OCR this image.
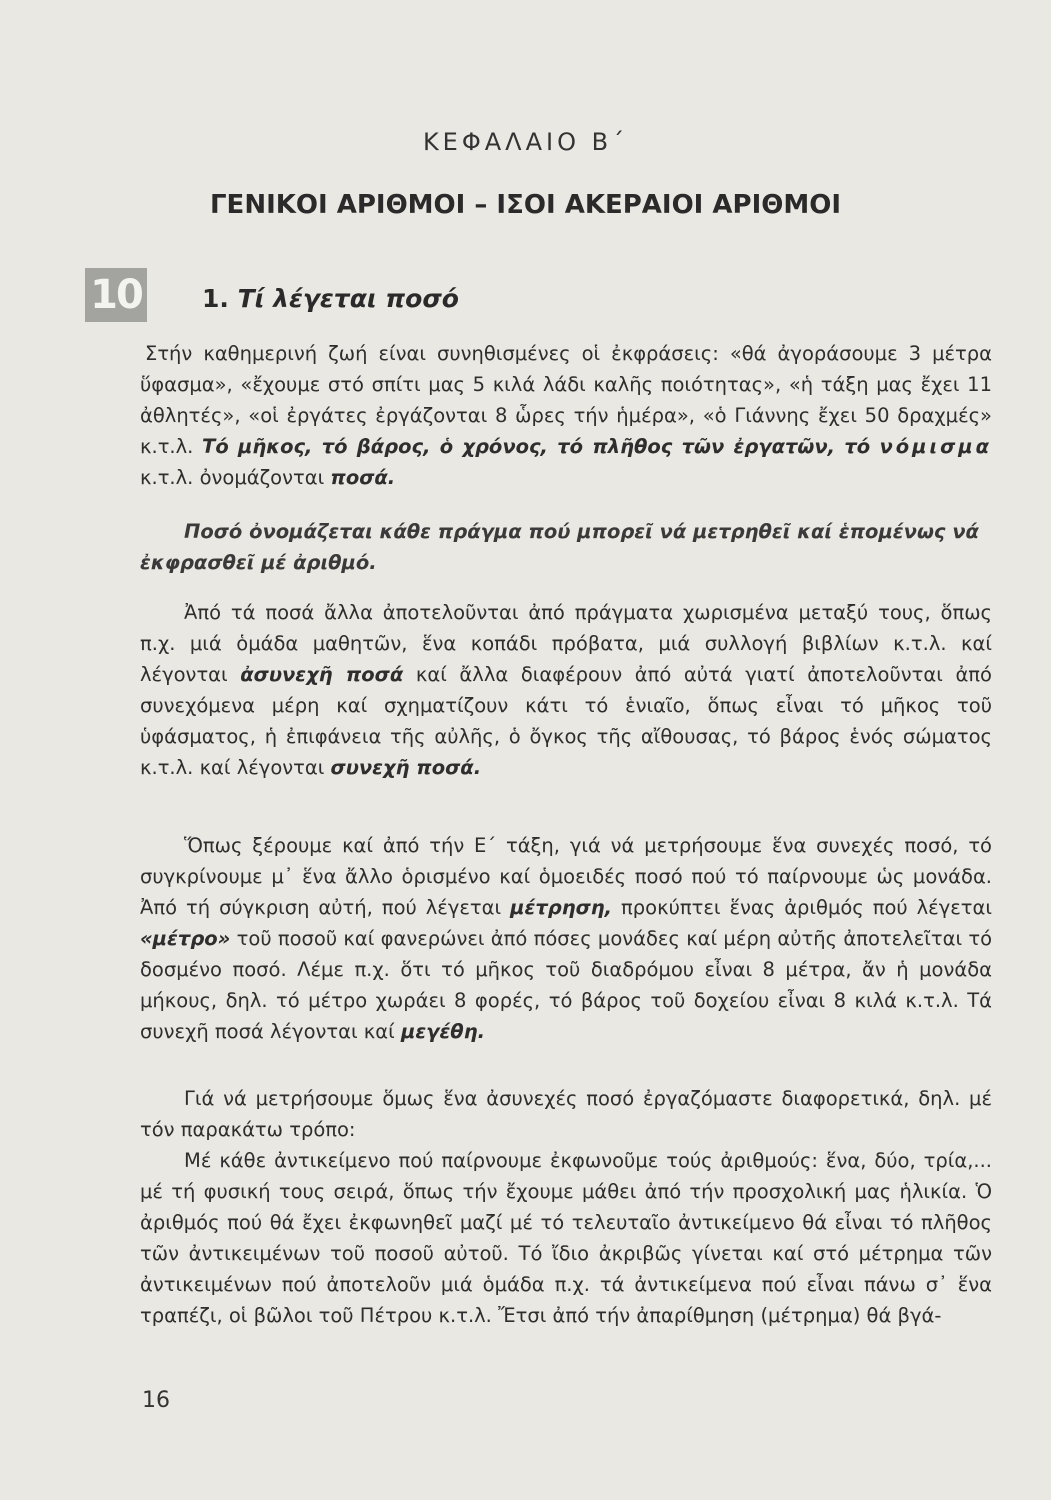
ΚΕΦΑΛΑΙΟ Β΄
ΓΕΝΙΚΟΙ ΑΡΙΘΜΟΙ – ΙΣΟΙ ΑΚΕΡΑΙΟΙ ΑΡΙΘΜΟΙ
10 1. Τί λέγεται ποσό

Στήν καθημερινή ζωή είναι συνηθισμένες οἱ ἐκφράσεις: «θά ἀγοράσουμε 3 μέτρα ὕφασμα», «ἔχουμε στό σπίτι μας 5 κιλά λάδι καλῆς ποιότητας», «ἡ τάξη μας ἔχει 11 ἀθλητές», «οἱ ἐργάτες ἐργάζονται 8 ὧρες τήν ἡμέρα», «ὁ Γιάννης ἔχει 50 δραχμές» κ.τ.λ. Τό μῆκος, τό βάρος, ὁ χρόνος, τό πλῆθος τῶν ἐργατῶν, τό νόμισμα κ.τ.λ. ὀνομάζονται ποσά.

Ποσό ὀνομάζεται κάθε πράγμα πού μπορεῖ νά μετρηθεῖ καί ἑπομένως νά ἐκφρασθεῖ μέ ἀριθμό.

Ἀπό τά ποσά ἄλλα ἀποτελοῦνται ἀπό πράγματα χωρισμένα μεταξύ τους, ὅπως π.χ. μιά ὁμάδα μαθητῶν, ἕνα κοπάδι πρόβατα, μιά συλλογή βιβλίων κ.τ.λ. καί λέγονται ἀσυνεχῆ ποσά καί ἄλλα διαφέρουν ἀπό αὐτά γιατί ἀποτελοῦνται ἀπό συνεχόμενα μέρη καί σχηματίζουν κάτι τό ἑνιαῖο, ὅπως εἶναι τό μῆκος τοῦ ὑφάσματος, ἡ ἐπιφάνεια τῆς αὐλῆς, ὁ ὄγκος τῆς αἴθουσας, τό βάρος ἑνός σώματος κ.τ.λ. καί λέγονται συνεχῆ ποσά.

Ὅπως ξέρουμε καί ἀπό τήν Ε΄ τάξη, γιά νά μετρήσουμε ἕνα συνεχές ποσό, τό συγκρίνουμε μ᾿ ἕνα ἄλλο ὁρισμένο καί ὁμοειδές ποσό πού τό παίρνουμε ὡς μονάδα. Ἀπό τή σύγκριση αὐτή, πού λέγεται μέτρηση, προκύπτει ἕνας ἀριθμός πού λέγεται «μέτρο» τοῦ ποσοῦ καί φανερώνει ἀπό πόσες μονάδες καί μέρη αὐτῆς ἀποτελεῖται τό δοσμένο ποσό. Λέμε π.χ. ὅτι τό μῆκος τοῦ διαδρόμου εἶναι 8 μέτρα, ἄν ἡ μονάδα μήκους, δηλ. τό μέτρο χωράει 8 φορές, τό βάρος τοῦ δοχείου εἶναι 8 κιλά κ.τ.λ. Τά συνεχῆ ποσά λέγονται καί μεγέθη.

Γιά νά μετρήσουμε ὅμως ἕνα ἀσυνεχές ποσό ἐργαζόμαστε διαφορετικά, δηλ. μέ τόν παρακάτω τρόπο:

Μέ κάθε ἀντικείμενο πού παίρνουμε ἐκφωνοῦμε τούς ἀριθμούς: ἕνα, δύο, τρία,... μέ τή φυσική τους σειρά, ὅπως τήν ἔχουμε μάθει ἀπό τήν προσχολική μας ἡλικία. Ὁ ἀριθμός πού θά ἔχει ἐκφωνηθεῖ μαζί μέ τό τελευταῖο ἀντικείμενο θά εἶναι τό πλῆθος τῶν ἀντικειμένων τοῦ ποσοῦ αὐτοῦ. Τό ἴδιο ἀκριβῶς γίνεται καί στό μέτρημα τῶν ἀντικειμένων πού ἀποτελοῦν μιά ὁμάδα π.χ. τά ἀντικείμενα πού εἶναι πάνω σ᾿ ἕνα τραπέζι, οἱ βῶλοι τοῦ Πέτρου κ.τ.λ. Ἔτσι ἀπό τήν ἀπαρίθμηση (μέτρημα) θά βγά-

16
